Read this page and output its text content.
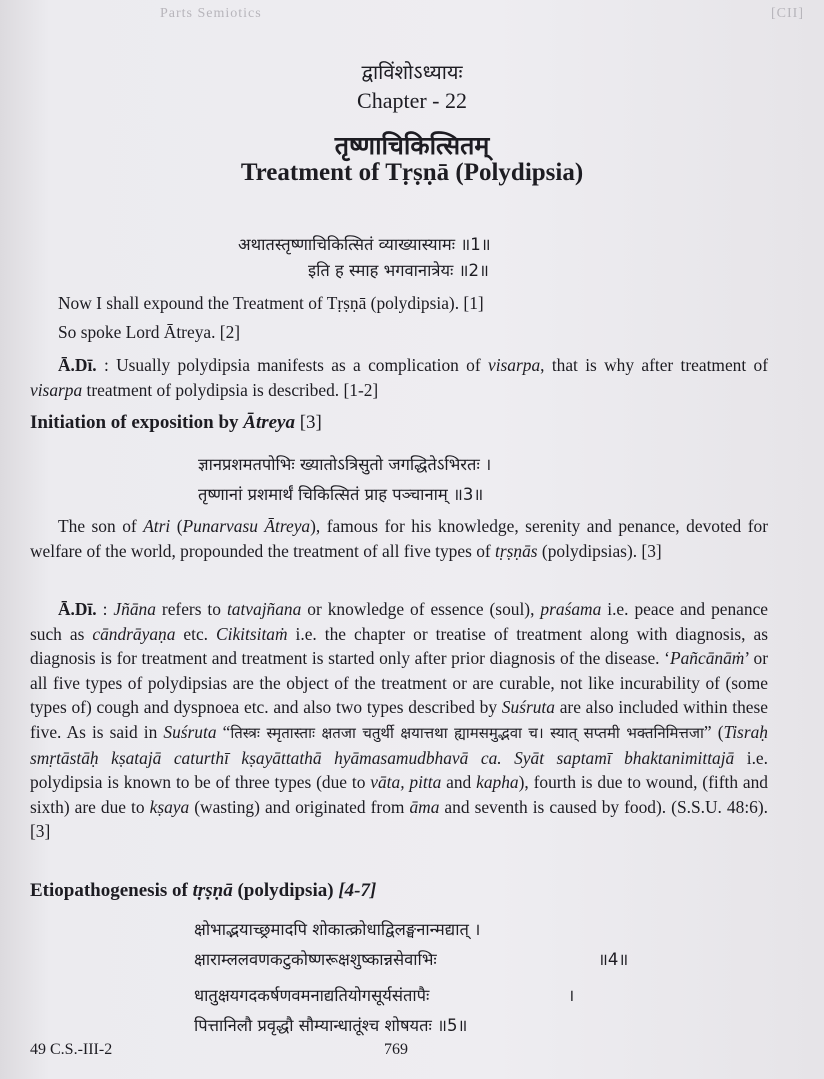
Parts Semiotics	[CII]
द्वाविंशोऽध्यायः
Chapter - 22
तृष्णाचिकित्सितम्
Treatment of Tṛṣṇā (Polydipsia)
अथातस्तृष्णाचिकित्सितं व्याख्यास्यामः ॥1॥
इति ह स्माह भगवानात्रेयः ॥2॥
Now I shall expound the Treatment of Tṛṣṇā (polydipsia). [1]
So spoke Lord Ātreya. [2]
Ā.Dī. : Usually polydipsia manifests as a complication of visarpa, that is why after treatment of visarpa treatment of polydipsia is described. [1-2]
Initiation of exposition by Ātreya [3]
ज्ञानप्रशमतपोभिः ख्यातोऽत्रिसुतो जगद्धितेऽभिरतः ।
तृष्णानां प्रशमार्थं चिकित्सितं प्राह पञ्चानाम् ॥3॥
The son of Atri (Punarvasu Ātreya), famous for his knowledge, serenity and penance, devoted for welfare of the world, propounded the treatment of all five types of tṛṣṇās (polydipsias). [3]
Ā.Dī. : Jñāna refers to tatvajñana or knowledge of essence (soul), praśama i.e. peace and penance such as cāndrāyaṇa etc. Cikitsitaṁ i.e. the chapter or treatise of treatment along with diagnosis, as diagnosis is for treatment and treatment is started only after prior diagnosis of the disease. ‘Pañcānāṁ’ or all five types of polydipsias are the object of the treatment or are curable, not like incurability of (some types of) cough and dyspnoea etc. and also two types described by Suśruta are also included within these five. As is said in Suśruta “तिस्त्रः स्मृतास्ताः क्षतजा चतुर्थी क्षयात्तथा ह्यामसमुद्भवा च। स्यात् सप्तमी भक्तनिमित्तजा” (Tisraḥ smṛtāstāḥ kṣatajā caturthī kṣayāttathā hyāmasamudbhavā ca. Syāt saptamī bhaktanimittajā i.e. polydipsia is known to be of three types (due to vāta, pitta and kapha), fourth is due to wound, (fifth and sixth) are due to kṣaya (wasting) and originated from āma and seventh is caused by food). (S.S.U. 48:6). [3]
Etiopathogenesis of tṛṣṇā (polydipsia) [4-7]
क्षोभाद्भयाच्छ्रमादपि शोकात्क्रोधाद्विलङ्घनान्मद्यात् ।
क्षाराम्ललवणकटुकोष्णरूक्षशुष्कान्नसेवाभिः	॥4॥
धातुक्षयगदकर्षणवमनाद्यतियोगसूर्यसंतापैः	।
पित्तानिलौ प्रवृद्धौ सौम्यान्धातूंश्च शोषयतः ॥5॥
49 C.S.-III-2	769
